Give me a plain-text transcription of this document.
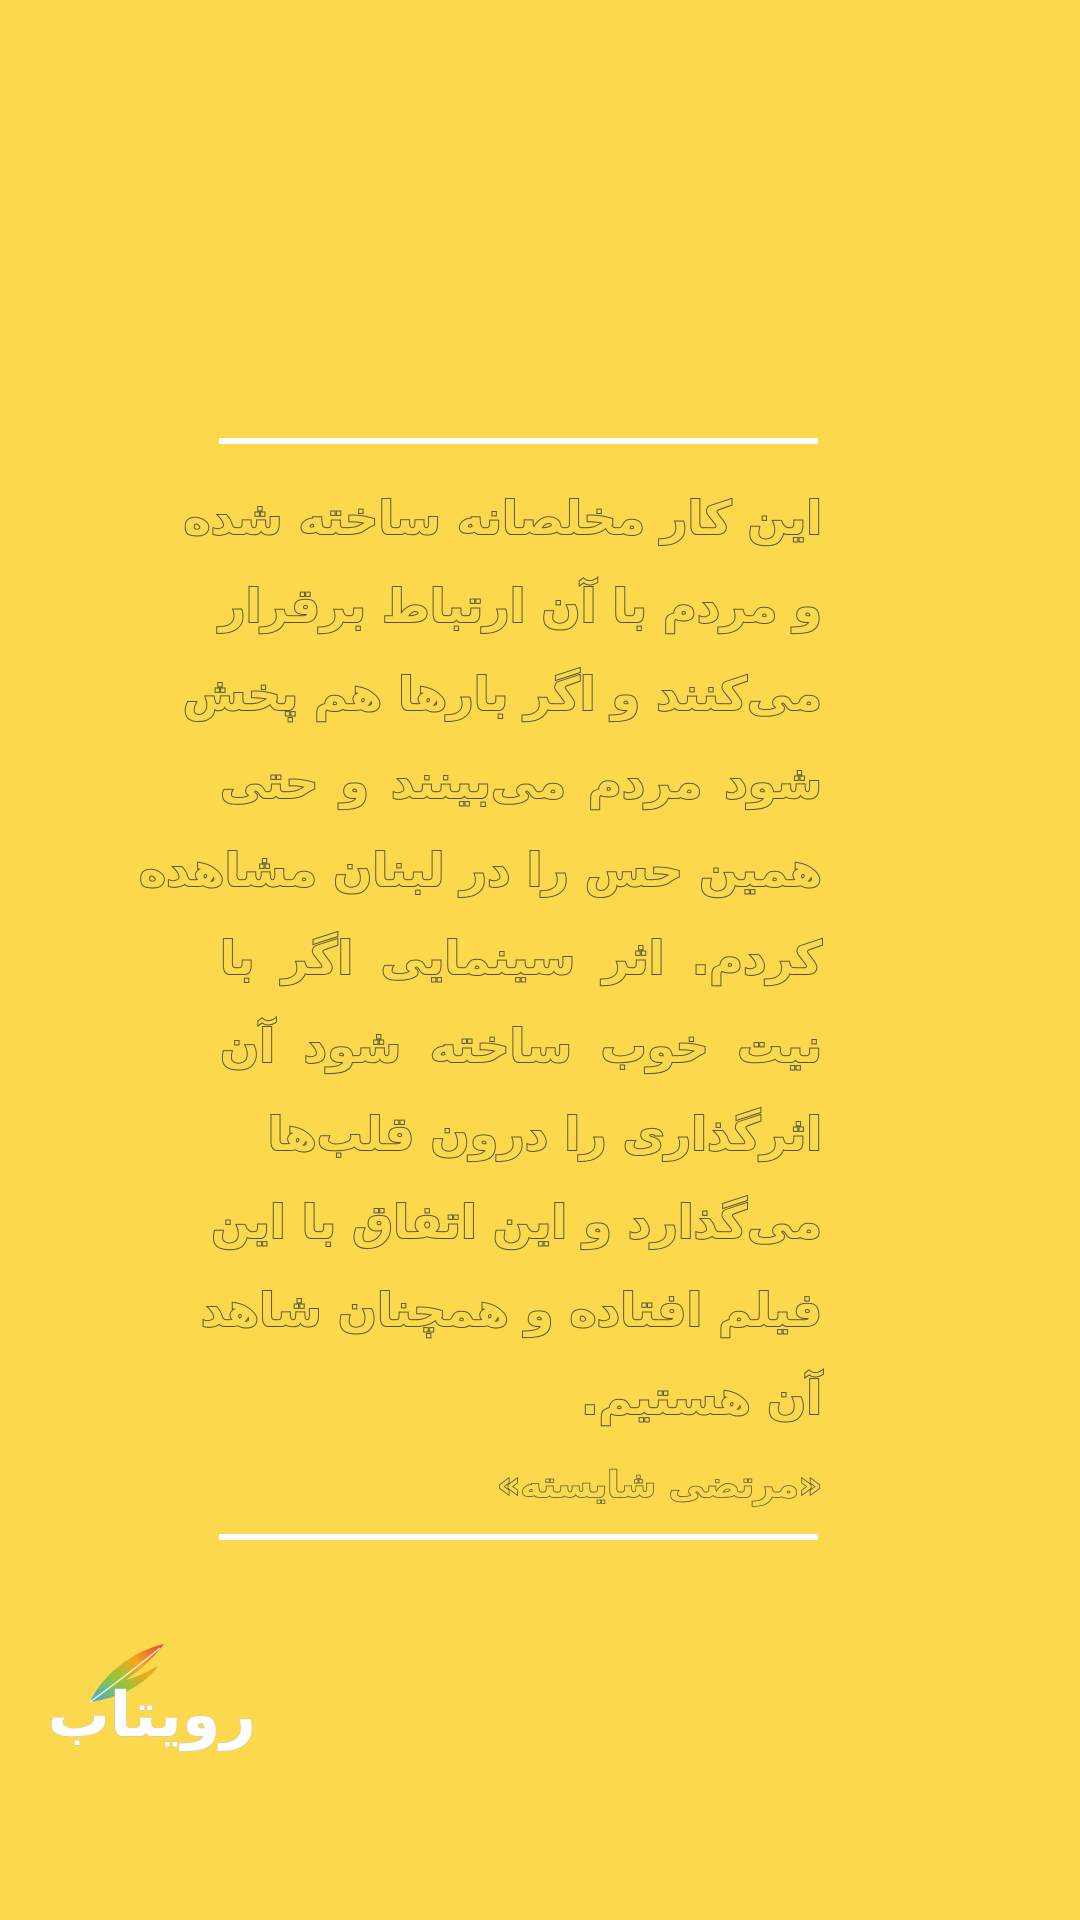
این کار مخلصانه ساخته شده
و مردم با آن ارتباط برقرار
می‌کنند و اگر بارها هم پخش
شود مردم می‌بینند و حتی
همین حس را در لبنان مشاهده
کردم. اثر سینمایی اگر با
نیت خوب ساخته شود آن
اثرگذاری را درون قلب‌ها
می‌گذارد و این اتفاق با این
فیلم افتاده و همچنان شاهد
آن هستیم.
«مرتضی شایسته»
رویتاب
